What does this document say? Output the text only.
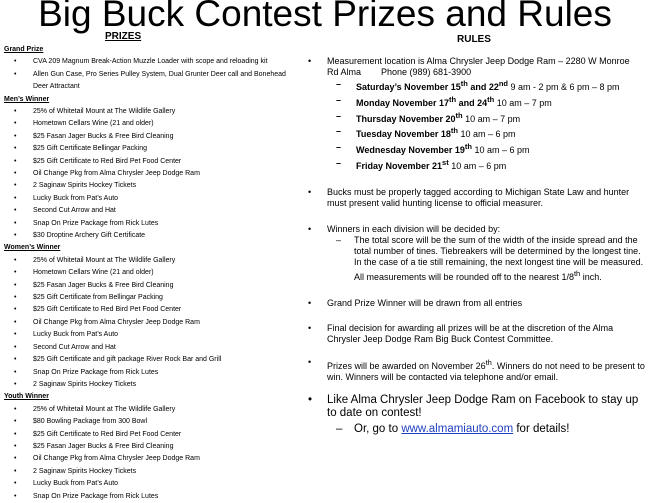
Big Buck Contest Prizes and Rules
PRIZES	RULES
Grand Prize
• CVA 209 Magnum Break-Action Muzzle Loader with scope and reloading kit
• Allen Gun Case, Pro Series Pulley System, Dual Grunter Deer call and Bonehead Deer Attractant
Men’s Winner
• 25% of Whitetail Mount at The Wildlife Gallery
• Hometown Cellars Wine (21 and older)
• $25 Fasan Jager Bucks & Free Bird Cleaning
• $25 Gift Certificate Bellingar Packing
• $25 Gift Certificate to Red Bird Pet Food Center
• Oil Change Pkg from Alma Chrysler Jeep Dodge Ram
• 2 Saginaw Spirits Hockey Tickets
• Lucky Buck from Pat’s Auto
• Second Cut Arrow and Hat
• Snap On Prize Package from Rick Lutes
• $30 Droptine Archery Gift Certificate
Women’s Winner
• 25% of Whitetail Mount at The Wildlife Gallery
• Hometown Cellars Wine (21 and older)
• $25 Fasan Jager Bucks & Free Bird Cleaning
• $25 Gift Certificate from Bellingar Packing
• $25 Gift Certificate to Red Bird Pet Food Center
• Oil Change Pkg from Alma Chrysler Jeep Dodge Ram
• Lucky Buck from Pat’s Auto
• Second Cut Arrow and Hat
• $25 Gift Certificate and gift package River Rock Bar and Grill
• Snap On Prize Package from Rick Lutes
• 2 Saginaw Spirits Hockey Tickets
Youth Winner
• 25% of Whitetail Mount at The Wildlife Gallery
• $80 Bowling Package from 300 Bowl
• $25 Gift Certificate to Red Bird Pet Food Center
• $25 Fasan Jager Bucks & Free Bird Cleaning
• Oil Change Pkg from Alma Chrysler Jeep Dodge Ram
• 2 Saginaw Spirits Hockey Tickets
• Lucky Buck from Pat’s Auto
• Snap On Prize Package from Rick Lutes
• Measurement location is Alma Chrysler Jeep Dodge Ram – 2280 W Monroe
Rd Alma        Phone (989) 681-3900
– Saturday’s November 15th and 22nd 9 am - 2 pm & 6 pm – 8 pm
– Monday November 17th and 24th 10 am – 7 pm
– Thursday November 20th 10 am – 7 pm
– Tuesday November 18th 10 am – 6 pm
– Wednesday November 19th 10 am – 6 pm
– Friday November 21st 10 am – 6 pm
• Bucks must be properly tagged according to Michigan State Law and hunter must present valid hunting license to official measurer.
• Winners in each division will be decided by:
– The total score will be the sum of the width of the inside spread and the total number of tines. Tiebreakers will be determined by the longest tine. In the case of a tie still remaining, the next longest tine will be measured. All measurements will be rounded off to the nearest 1/8th inch.
• Grand Prize Winner will be drawn from all entries
• Final decision for awarding all prizes will be at the discretion of the Alma Chrysler Jeep Dodge Ram Big Buck Contest Committee.
• Prizes will be awarded on November 26th. Winners do not need to be present to win. Winners will be contacted via telephone and/or email.
• Like Alma Chrysler Jeep Dodge Ram on Facebook to stay up to date on contest!
– Or, go to www.almamiauto.com for details!
